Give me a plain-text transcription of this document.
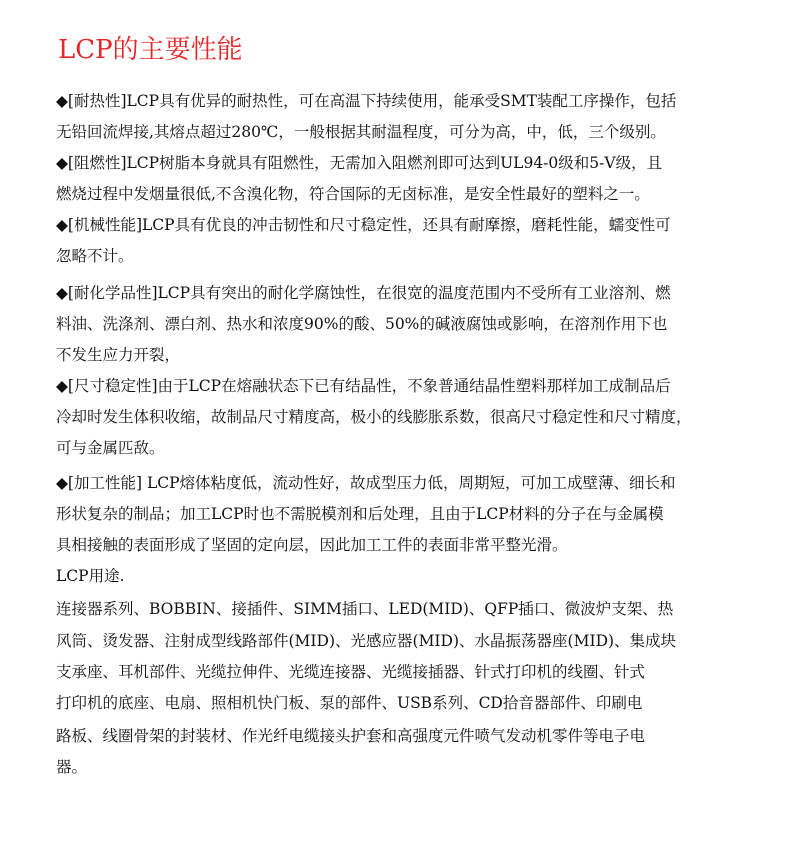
LCP的主要性能
◆[耐热性]LCP具有优异的耐热性，可在高温下持续使用，能承受SMT装配工序操作，包括
无铅回流焊接,其熔点超过280℃，一般根据其耐温程度，可分为高，中，低，三个级别。
◆[阻燃性]LCP树脂本身就具有阻燃性，无需加入阻燃剂即可达到UL94-0级和5-V级，且
燃烧过程中发烟量很低,不含溴化物，符合国际的无卤标准，是安全性最好的塑料之一。
◆[机械性能]LCP具有优良的冲击韧性和尺寸稳定性，还具有耐摩擦，磨耗性能，蠕变性可
忽略不计。
◆[耐化学品性]LCP具有突出的耐化学腐蚀性，在很宽的温度范围内不受所有工业溶剂、燃
料油、洗涤剂、漂白剂、热水和浓度90%的酸、50%的碱液腐蚀或影响，在溶剂作用下也
不发生应力开裂，
◆[尺寸稳定性]由于LCP在熔融状态下已有结晶性，不象普通结晶性塑料那样加工成制品后
冷却时发生体积收缩，故制品尺寸精度高，极小的线膨胀系数，很高尺寸稳定性和尺寸精度，
可与金属匹敌。
◆[加工性能] LCP熔体粘度低，流动性好，故成型压力低，周期短，可加工成壁薄、细长和
形状复杂的制品；加工LCP时也不需脱模剂和后处理，且由于LCP材料的分子在与金属模
具相接触的表面形成了坚固的定向层，因此加工工件的表面非常平整光滑。
LCP用途.
连接器系列、BOBBIN、接插件、SIMM插口、LED(MID)、QFP插口、微波炉支架、热
风筒、烫发器、注射成型线路部件(MID)、光感应器(MID)、水晶振荡器座(MID)、集成块
支承座、耳机部件、光缆拉伸件、光缆连接器、光缆接插器、针式打印机的线圈、针式
打印机的底座、电扇、照相机快门板、泵的部件、USB系列、CD拾音器部件、印刷电
路板、线圈骨架的封装材、作光纤电缆接头护套和高强度元件喷气发动机零件等电子电
器。
